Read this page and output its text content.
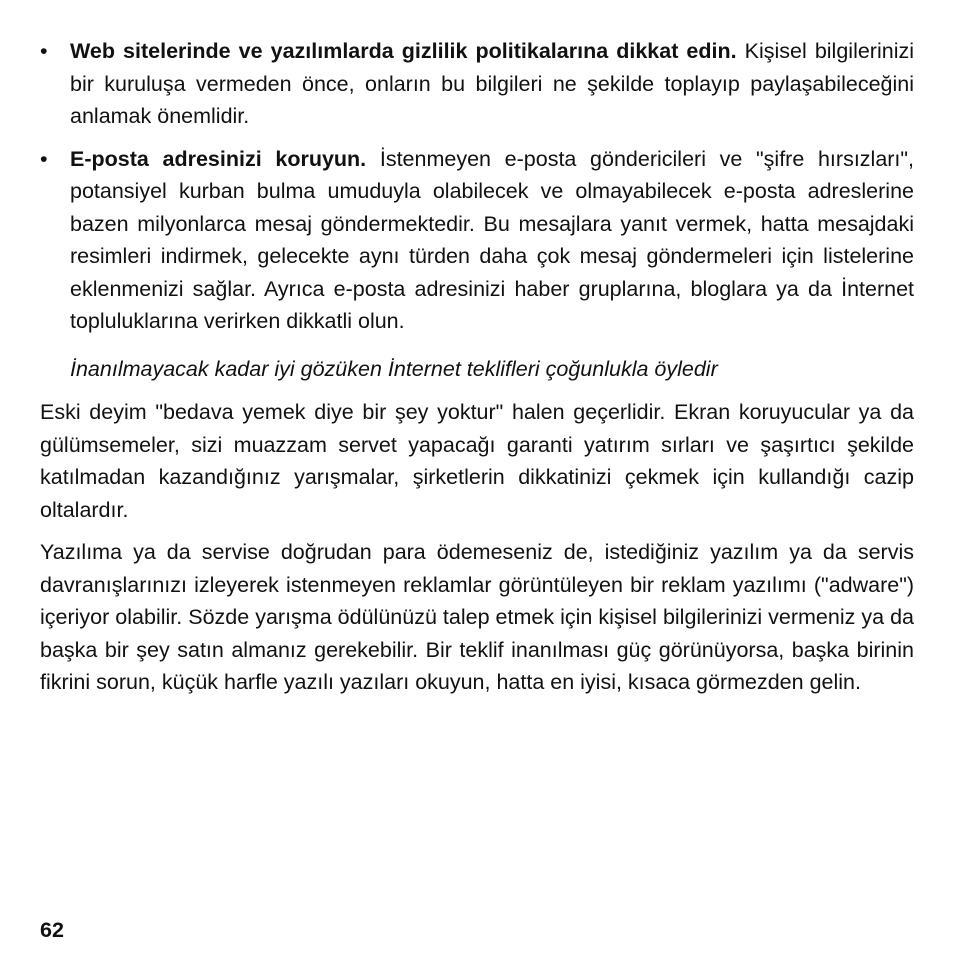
• Web sitelerinde ve yazılımlarda gizlilik politikalarına dikkat edin. Kişisel bilgilerinizi bir kuruluşa vermeden önce, onların bu bilgileri ne şekilde toplayıp paylaşabileceğini anlamak önemlidir.
• E-posta adresinizi koruyun. İstenmeyen e-posta göndericileri ve "şifre hırsızları", potansiyel kurban bulma umuduyla olabilecek ve olmayabilecek e-posta adreslerine bazen milyonlarca mesaj göndermektedir. Bu mesajlara yanıt vermek, hatta mesajdaki resimleri indirmek, gelecekte aynı türden daha çok mesaj göndermeleri için listelerine eklenmenizi sağlar. Ayrıca e-posta adresinizi haber gruplarına, bloglara ya da İnternet topluluklarına verirken dikkatli olun.
İnanılmayacak kadar iyi gözüken İnternet teklifleri çoğunlukla öyledir

Eski deyim "bedava yemek diye bir şey yoktur" halen geçerlidir. Ekran koruyucular ya da gülümsemeler, sizi muazzam servet yapacağı garanti yatırım sırları ve şaşırtıcı şekilde katılmadan kazandığınız yarışmalar, şirketlerin dikkatinizi çekmek için kullandığı cazip oltalardır.

Yazılıma ya da servise doğrudan para ödemeseniz de, istediğiniz yazılım ya da servis davranışlarınızı izleyerek istenmeyen reklamlar görüntüleyen bir reklam yazılımı ("adware") içeriyor olabilir. Sözde yarışma ödülünüzü talep etmek için kişisel bilgilerinizi vermeniz ya da başka bir şey satın almanız gerekebilir. Bir teklif inanılması güç görünüyorsa, başka birinin fikrini sorun, küçük harfle yazılı yazıları okuyun, hatta en iyisi, kısaca görmezden gelin.

62
